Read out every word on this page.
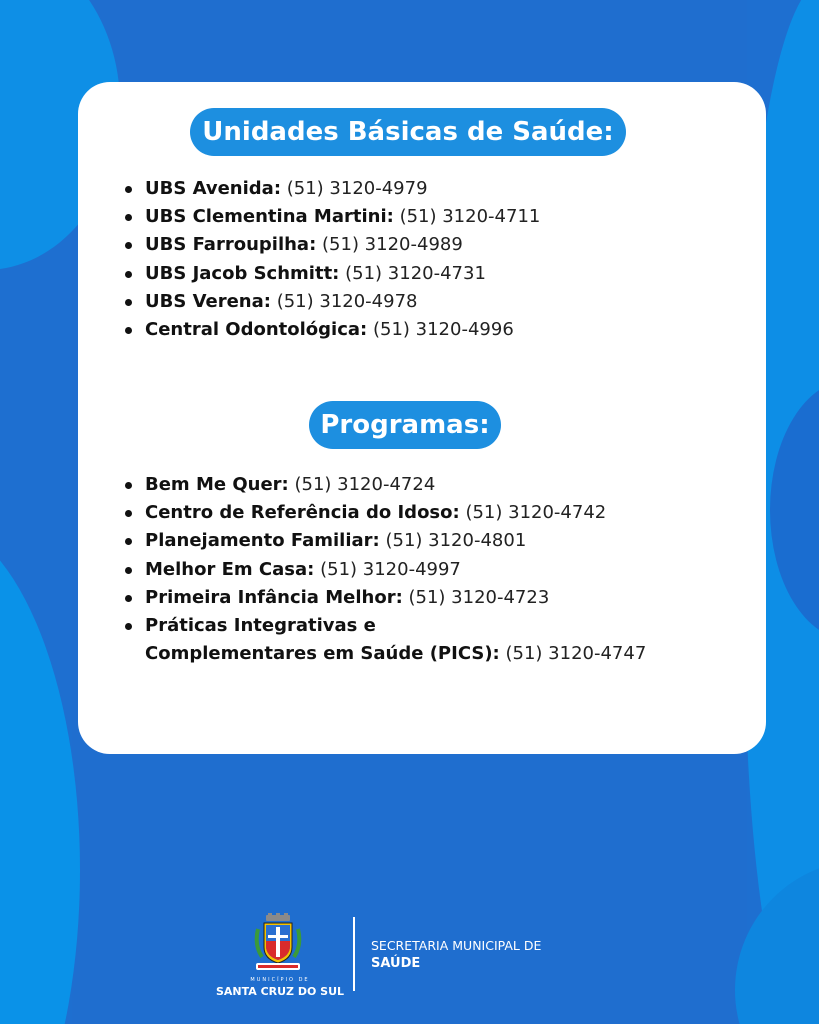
Unidades Básicas de Saúde:
UBS Avenida: (51) 3120-4979
UBS Clementina Martini: (51) 3120-4711
UBS Farroupilha: (51) 3120-4989
UBS Jacob Schmitt: (51) 3120-4731
UBS Verena: (51) 3120-4978
Central Odontológica: (51) 3120-4996
Programas:
Bem Me Quer: (51) 3120-4724
Centro de Referência do Idoso: (51) 3120-4742
Planejamento Familiar: (51) 3120-4801
Melhor Em Casa: (51) 3120-4997
Primeira Infância Melhor: (51) 3120-4723
Práticas Integrativas e
Complementares em Saúde (PICS): (51) 3120-4747
MUNICÍPIO DE
SANTA CRUZ DO SUL
SECRETARIA MUNICIPAL DE
SAÚDE
